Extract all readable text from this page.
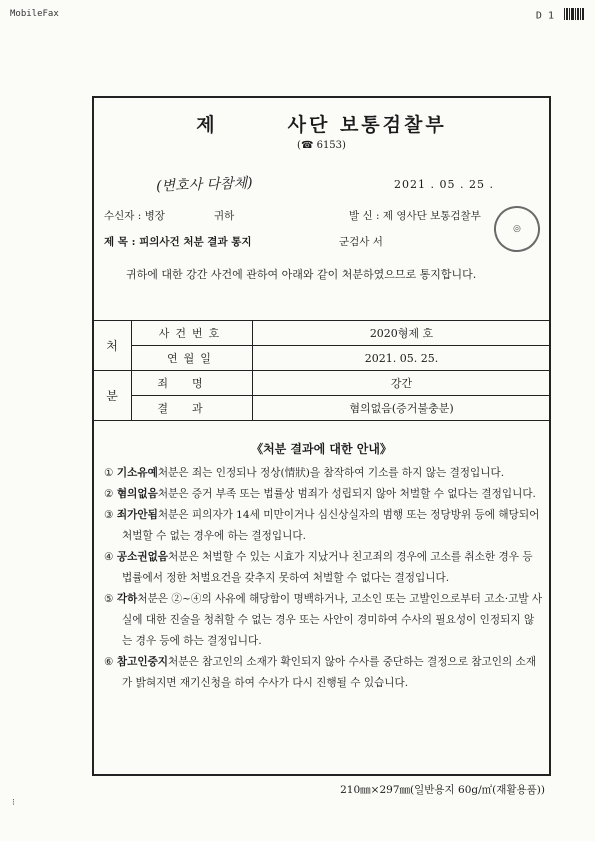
MobileFax	D 1
⁝
제	사단 보통검찰부
(☎ 6153)
(변호사 다참체)	2021 . 05 . 25 .
수신자 : 병장	귀하	발 신 : 제 영사단 보통검찰부
◎
제 목 : 피의사건 처분 결과 통지	군검사 서
귀하에 대한 강간 사건에 관하여 아래와 같이 처분하였으므로 통지합니다.
처	사건번호	2020형제 호
	연월일	2021. 05. 25.
분	죄명	강간
	결과	혐의없음(증거불충분)
《처분 결과에 대한 안내》
① 기소유예처분은 죄는 인정되나 정상(情狀)을 참작하여 기소를 하지 않는 결정입니다.
② 혐의없음처분은 증거 부족 또는 법률상 범죄가 성립되지 않아 처벌할 수 없다는 결정입니다.
③ 죄가안됨처분은 피의자가 14세 미만이거나 심신상실자의 범행 또는 정당방위 등에 해당되어 처벌할 수 없는 경우에 하는 결정입니다.
④ 공소권없음처분은 처벌할 수 있는 시효가 지났거나 친고죄의 경우에 고소를 취소한 경우 등 법률에서 정한 처벌요건을 갖추지 못하여 처벌할 수 없다는 결정입니다.
⑤ 각하처분은 ②~④의 사유에 해당함이 명백하거나, 고소인 또는 고발인으로부터 고소·고발 사실에 대한 진술을 청취할 수 없는 경우 또는 사안이 경미하여 수사의 필요성이 인정되지 않는 경우 등에 하는 결정입니다.
⑥ 참고인중지처분은 참고인의 소재가 확인되지 않아 수사를 중단하는 결정으로 참고인의 소재가 밝혀지면 재기신청을 하여 수사가 다시 진행될 수 있습니다.
210㎜×297㎜(일반용지 60g/㎡(재활용품))
